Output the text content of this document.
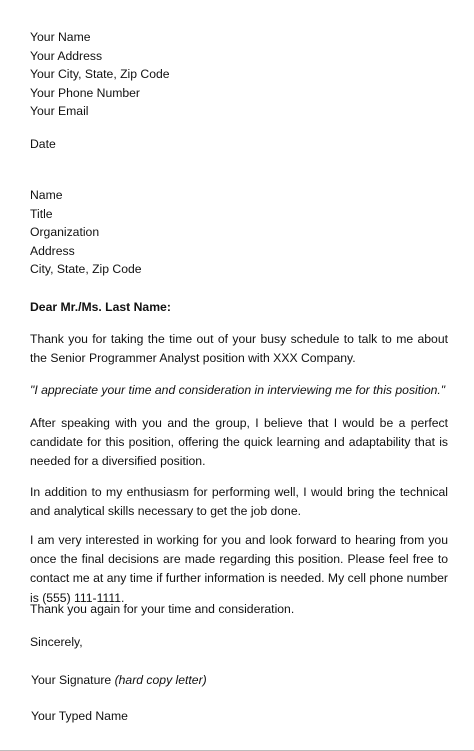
Your Name
Your Address
Your City, State, Zip Code
Your Phone Number
Your Email
Date
Name
Title
Organization
Address
City, State, Zip Code
Dear Mr./Ms. Last Name:
Thank you for taking the time out of your busy schedule to talk to me about the Senior Programmer Analyst position with XXX Company.
"I appreciate your time and consideration in interviewing me for this position."
After speaking with you and the group, I believe that I would be a perfect candidate for this position, offering the quick learning and adaptability that is needed for a diversified position.
In addition to my enthusiasm for performing well, I would bring the technical and analytical skills necessary to get the job done.
I am very interested in working for you and look forward to hearing from you once the final decisions are made regarding this position. Please feel free to contact me at any time if further information is needed. My cell phone number is (555) 111-1111.
Thank you again for your time and consideration.
Sincerely,
Your Signature (hard copy letter)
Your Typed Name
